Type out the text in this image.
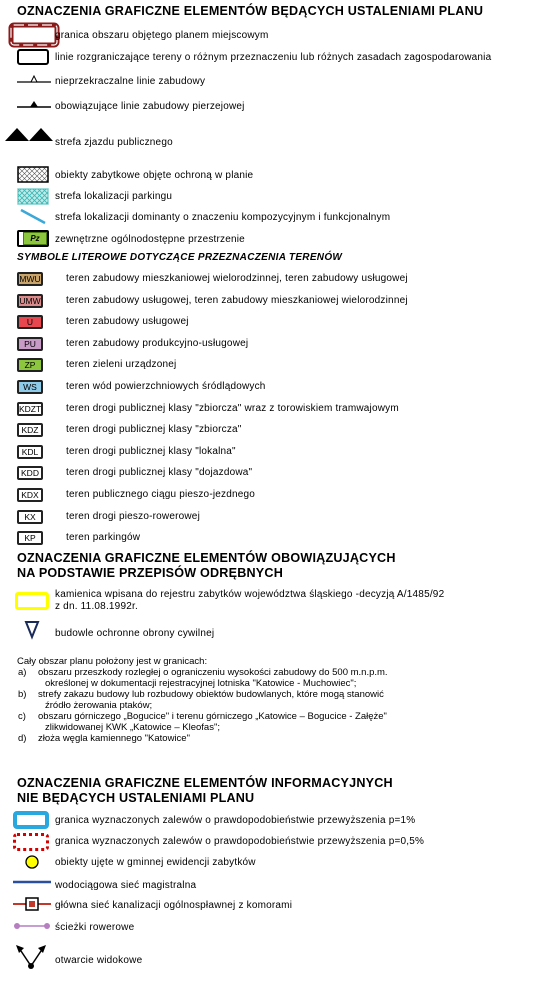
OZNACZENIA GRAFICZNE ELEMENTÓW BĘDĄCYCH USTALENIAMI PLANU
granica obszaru objętego planem miejscowym
linie rozgraniczające tereny o różnym przeznaczeniu lub różnych zasadach zagospodarowania
nieprzekraczalne linie zabudowy
obowiązujące linie zabudowy pierzejowej
strefa zjazdu publicznego
obiekty zabytkowe objęte ochroną w planie
strefa lokalizacji parkingu
strefa lokalizacji dominanty o znaczeniu kompozycyjnym i funkcjonalnym
Pz	zewnętrzne ogólnodostępne przestrzenie
SYMBOLE LITEROWE DOTYCZĄCE PRZEZNACZENIA TERENÓW
MWU	teren zabudowy mieszkaniowej wielorodzinnej, teren zabudowy usługowej
UMW	teren zabudowy usługowej, teren zabudowy mieszkaniowej wielorodzinnej
U	teren zabudowy usługowej
PU	teren zabudowy produkcyjno-usługowej
ZP	teren zieleni urządzonej
WS	teren wód powierzchniowych śródlądowych
KDZT teren drogi publicznej klasy "zbiorcza" wraz z torowiskiem tramwajowym
KDZ	teren drogi publicznej klasy "zbiorcza"
KDL	teren drogi publicznej klasy "lokalna"
KDD	teren drogi publicznej klasy "dojazdowa"
KDX	teren publicznego ciągu pieszo-jezdnego
KX	teren drogi pieszo-rowerowej
KP	teren parkingów
OZNACZENIA GRAFICZNE ELEMENTÓW OBOWIĄZUJĄCYCH
NA PODSTAWIE PRZEPISÓW ODRĘBNYCH
kamienica wpisana do rejestru zabytków województwa śląskiego -decyzją A/1485/92
z dn. 11.08.1992r.
budowle ochronne obrony cywilnej
Cały obszar planu położony jest w granicach:
a) obszaru przeszkody rozległej o ograniczeniu wysokości zabudowy do 500 m.n.p.m.
określonej w dokumentacji rejestracyjnej lotniska "Katowice - Muchowiec";
b) strefy zakazu budowy lub rozbudowy obiektów budowlanych, które mogą stanowić
źródło żerowania ptaków;
c) obszaru górniczego „Bogucice" i terenu górniczego „Katowice – Bogucice - Załęże"
zlikwidowanej KWK „Katowice – Kleofas";
d) złoża węgla kamiennego "Katowice"
OZNACZENIA GRAFICZNE ELEMENTÓW INFORMACYJNYCH
NIE BĘDĄCYCH USTALENIAMI PLANU
granica wyznaczonych zalewów o prawdopodobieństwie przewyższenia p=1%
granica wyznaczonych zalewów o prawdopodobieństwie przewyższenia p=0,5%
obiekty ujęte w gminnej ewidencji zabytków
wodociągowa sieć magistralna
główna sieć kanalizacji ogólnospławnej z komorami
ścieżki rowerowe
otwarcie widokowe
